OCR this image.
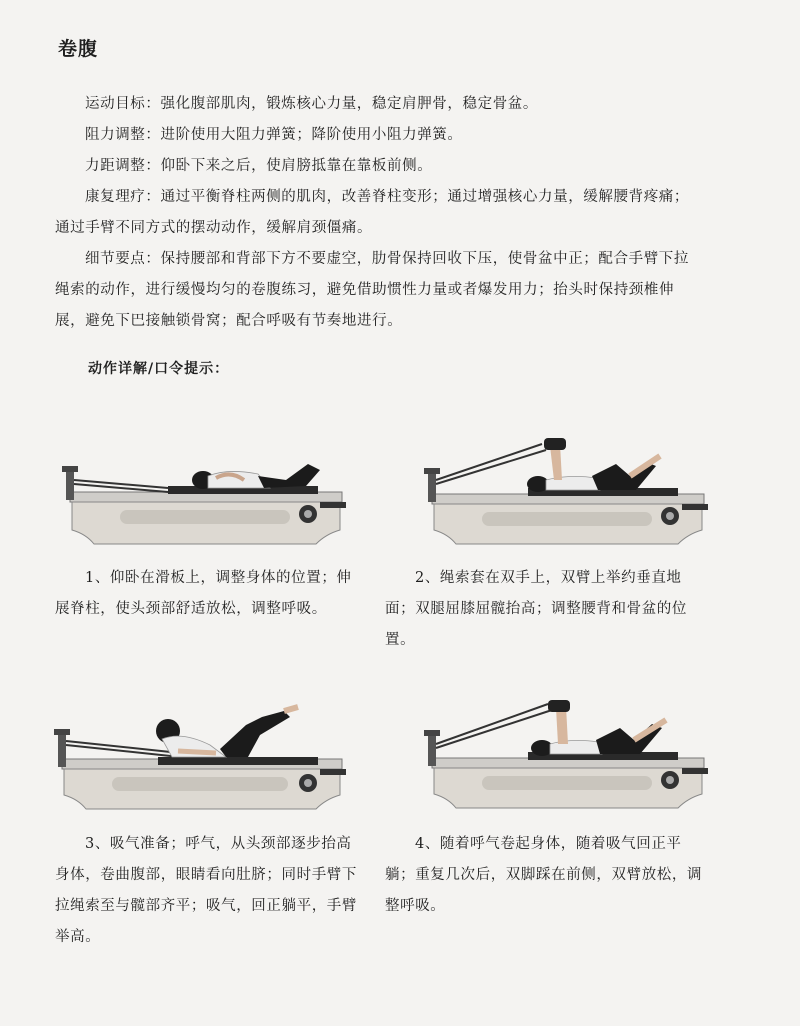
卷腹

运动目标：强化腹部肌肉，锻炼核心力量，稳定肩胛骨，稳定骨盆。

阻力调整：进阶使用大阻力弹簧；降阶使用小阻力弹簧。

力距调整：仰卧下来之后，使肩膀抵靠在靠板前侧。

康复理疗：通过平衡脊柱两侧的肌肉，改善脊柱变形；通过增强核心力量，缓解腰背疼痛；通过手臂不同方式的摆动动作，缓解肩颈僵痛。

细节要点：保持腰部和背部下方不要虚空，肋骨保持回收下压，使骨盆中正；配合手臂下拉绳索的动作，进行缓慢均匀的卷腹练习，避免借助惯性力量或者爆发用力；抬头时保持颈椎伸展，避免下巴接触锁骨窝；配合呼吸有节奏地进行。

动作详解/口令提示：

1、仰卧在滑板上，调整身体的位置；伸展脊柱，使头颈部舒适放松，调整呼吸。

2、绳索套在双手上，双臂上举约垂直地面；双腿屈膝屈髋抬高；调整腰背和骨盆的位置。

3、吸气准备；呼气，从头颈部逐步抬高身体，卷曲腹部，眼睛看向肚脐；同时手臂下拉绳索至与髋部齐平；吸气，回正躺平，手臂举高。

4、随着呼气卷起身体，随着吸气回正平躺；重复几次后，双脚踩在前侧，双臂放松，调整呼吸。
